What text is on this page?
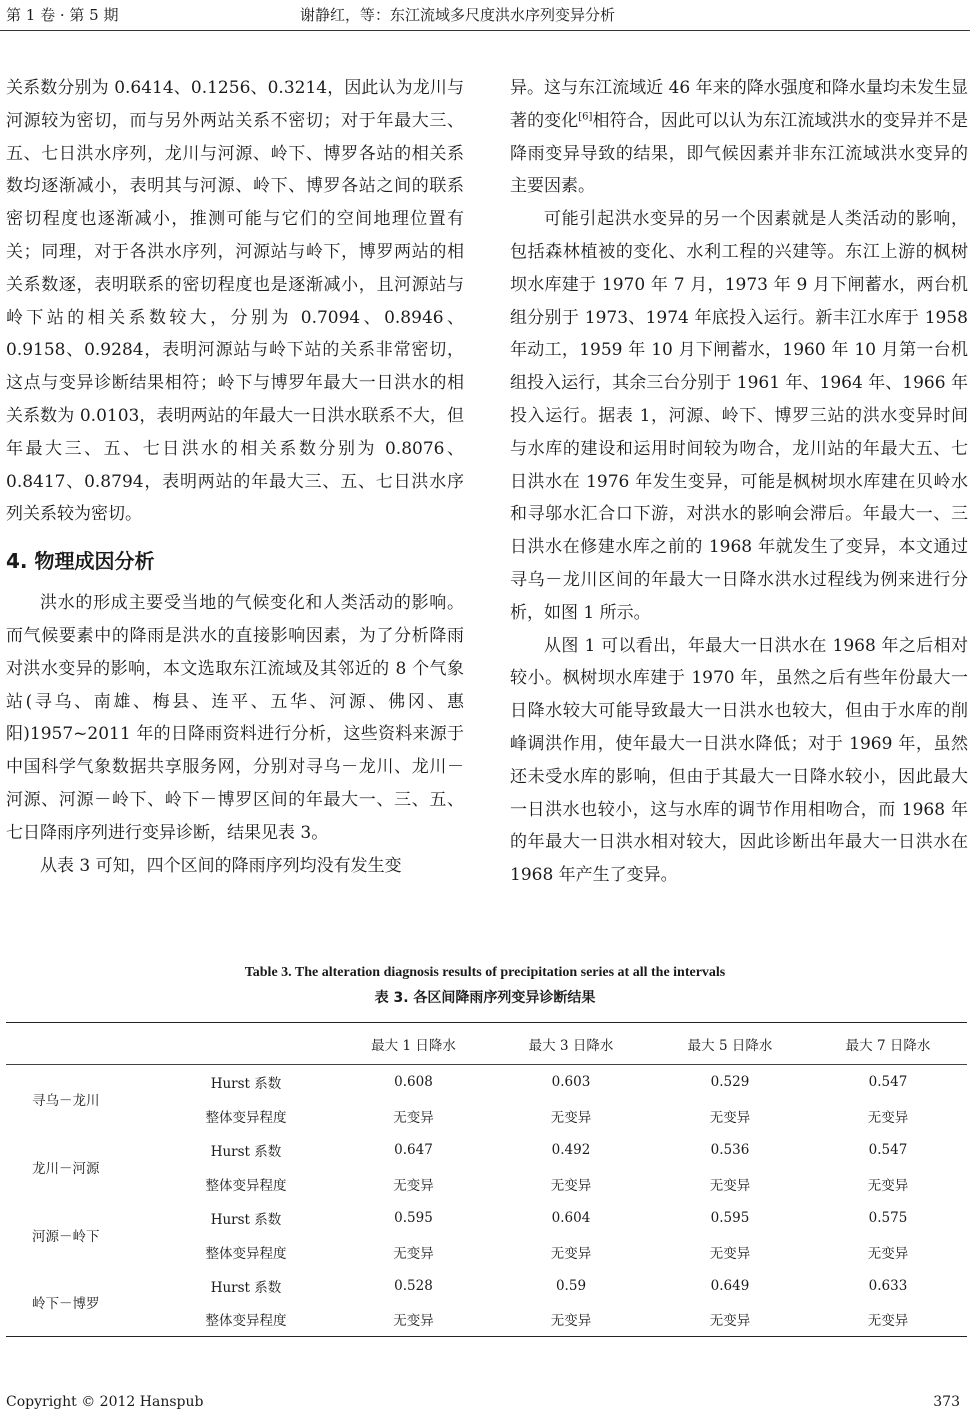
第 1 卷 · 第 5 期	谢静红，等：东江流域多尺度洪水序列变异分析

关系数分别为 0.6414、0.1256、0.3214，因此认为龙川与河源较为密切，而与另外两站关系不密切；对于年最大三、五、七日洪水序列，龙川与河源、岭下、博罗各站的相关系数均逐渐减小，表明其与河源、岭下、博罗各站之间的联系密切程度也逐渐减小，推测可能与它们的空间地理位置有关；同理，对于各洪水序列，河源站与岭下，博罗两站的相关系数逐，表明联系的密切程度也是逐渐减小，且河源站与岭下站的相关系数较大，分别为 0.7094、0.8946、0.9158、0.9284，表明河源站与岭下站的关系非常密切，这点与变异诊断结果相符；岭下与博罗年最大一日洪水的相关系数为 0.0103，表明两站的年最大一日洪水联系不大，但年最大三、五、七日洪水的相关系数分别为 0.8076、0.8417、0.8794，表明两站的年最大三、五、七日洪水序列关系较为密切。

4. 物理成因分析

洪水的形成主要受当地的气候变化和人类活动的影响。而气候要素中的降雨是洪水的直接影响因素，为了分析降雨对洪水变异的影响，本文选取东江流域及其邻近的 8 个气象站(寻乌、南雄、梅县、连平、五华、河源、佛冈、惠阳)1957~2011 年的日降雨资料进行分析，这些资料来源于中国科学气象数据共享服务网，分别对寻乌－龙川、龙川－河源、河源－岭下、岭下－博罗区间的年最大一、三、五、七日降雨序列进行变异诊断，结果见表 3。

从表 3 可知，四个区间的降雨序列均没有发生变

异。这与东江流域近 46 年来的降水强度和降水量均未发生显著的变化[6]相符合，因此可以认为东江流域洪水的变异并不是降雨变异导致的结果，即气候因素并非东江流域洪水变异的主要因素。

可能引起洪水变异的另一个因素就是人类活动的影响，包括森林植被的变化、水利工程的兴建等。东江上游的枫树坝水库建于 1970 年 7 月，1973 年 9 月下闸蓄水，两台机组分别于 1973、1974 年底投入运行。新丰江水库于 1958 年动工，1959 年 10 月下闸蓄水，1960 年 10 月第一台机组投入运行，其余三台分别于 1961 年、1964 年、1966 年投入运行。据表 1，河源、岭下、博罗三站的洪水变异时间与水库的建设和运用时间较为吻合，龙川站的年最大五、七日洪水在 1976 年发生变异，可能是枫树坝水库建在贝岭水和寻邬水汇合口下游，对洪水的影响会滞后。年最大一、三日洪水在修建水库之前的 1968 年就发生了变异，本文通过寻乌－龙川区间的年最大一日降水洪水过程线为例来进行分析，如图 1 所示。

从图 1 可以看出，年最大一日洪水在 1968 年之后相对较小。枫树坝水库建于 1970 年，虽然之后有些年份最大一日降水较大可能导致最大一日洪水也较大，但由于水库的削峰调洪作用，使年最大一日洪水降低；对于 1969 年，虽然还未受水库的影响，但由于其最大一日降水较小，因此最大一日洪水也较小，这与水库的调节作用相吻合，而 1968 年的年最大一日洪水相对较大，因此诊断出年最大一日洪水在 1968 年产生了变异。

Table 3. The alteration diagnosis results of precipitation series at all the intervals
表 3. 各区间降雨序列变异诊断结果
		最大 1 日降水	最大 3 日降水	最大 5 日降水	最大 7 日降水
寻乌－龙川	Hurst 系数	0.608	0.603	0.529	0.547
	整体变异程度	无变异	无变异	无变异	无变异
龙川－河源	Hurst 系数	0.647	0.492	0.536	0.547
	整体变异程度	无变异	无变异	无变异	无变异
河源－岭下	Hurst 系数	0.595	0.604	0.595	0.575
	整体变异程度	无变异	无变异	无变异	无变异
岭下－博罗	Hurst 系数	0.528	0.59	0.649	0.633
	整体变异程度	无变异	无变异	无变异	无变异
Copyright © 2012 Hanspub	373
